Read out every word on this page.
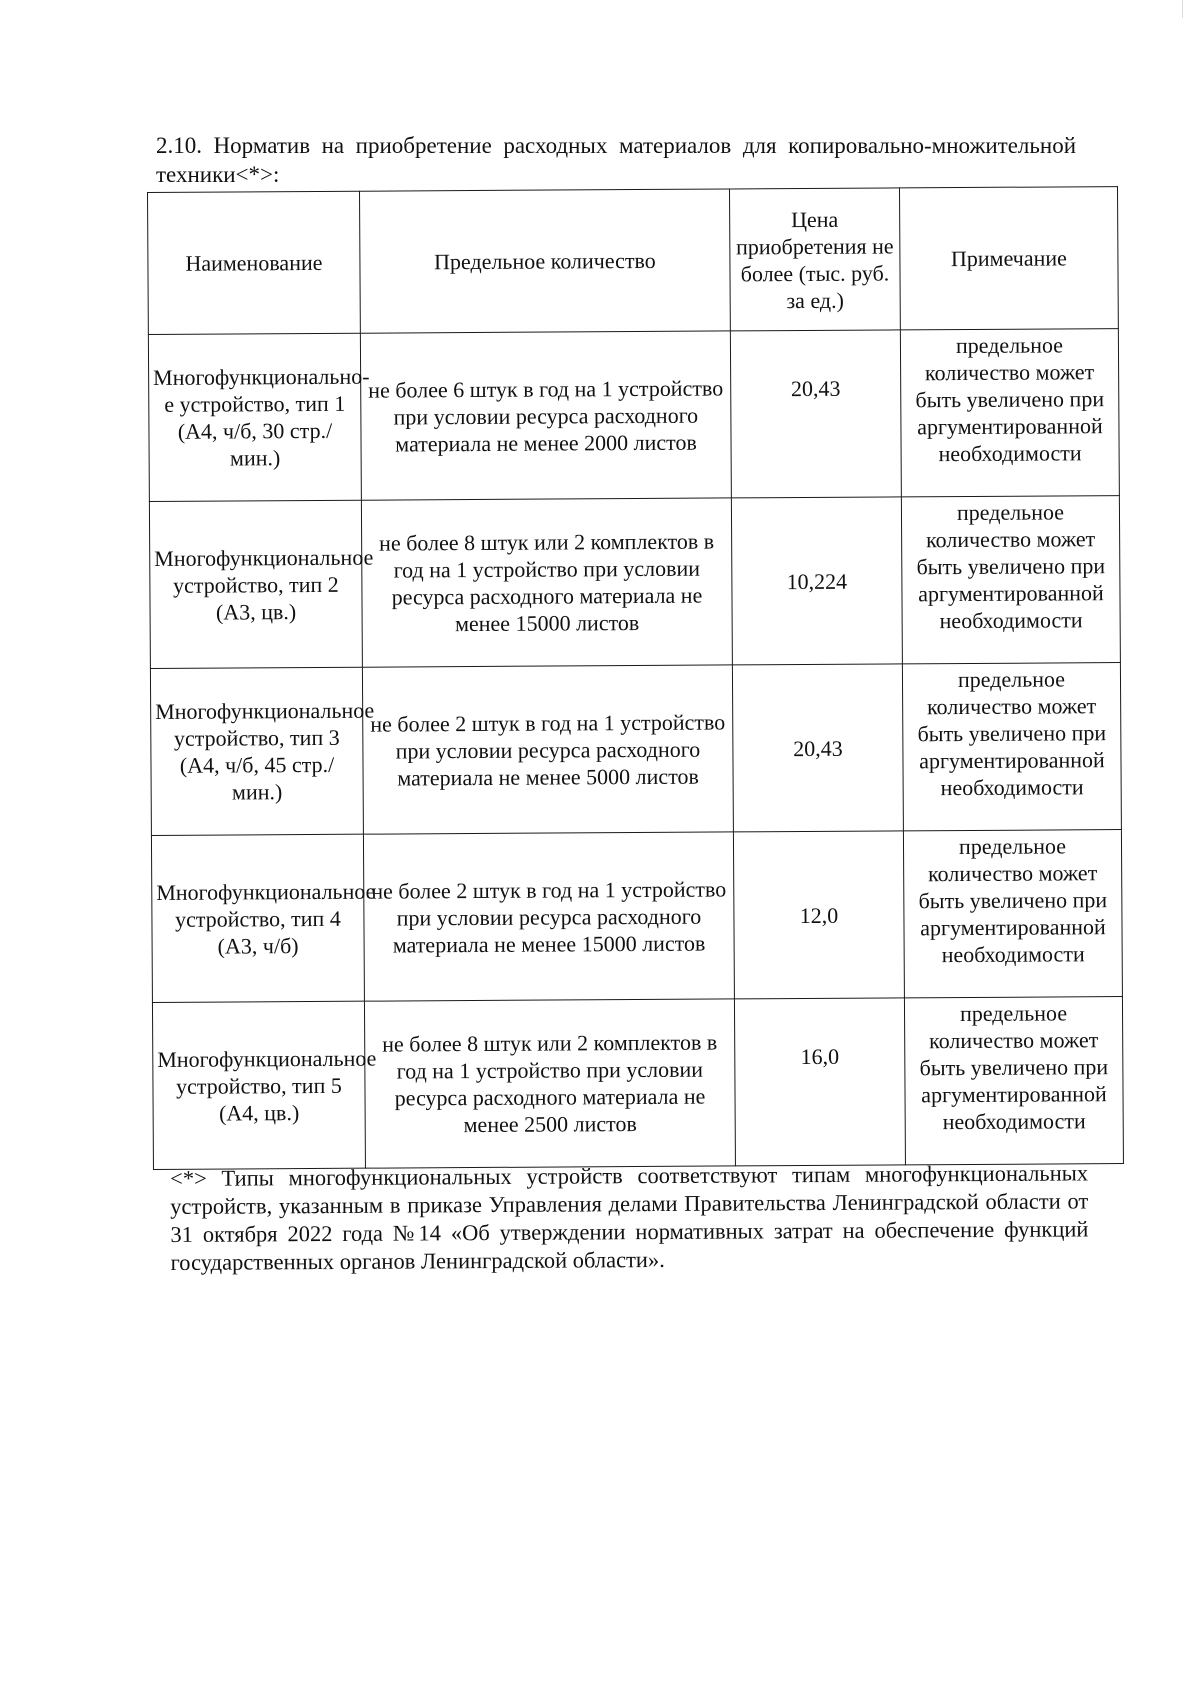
2.10. Норматив на приобретение расходных материалов для копировально-множительной техники<*>:

Наименование	Предельное количество	Цена приобретения не более (тыс. руб. за ед.)	Примечание
Многофункциональное устройство, тип 1 (А4, ч/б, 30 стр./мин.)	не более 6 штук в год на 1 устройство при условии ресурса расходного материала не менее 2000 листов	20,43	предельное количество может быть увеличено при аргументированной необходимости
Многофункциональное устройство, тип 2 (А3, цв.)	не более 8 штук или 2 комплектов в год на 1 устройство при условии ресурса расходного материала не менее 15000 листов	10,224	предельное количество может быть увеличено при аргументированной необходимости
Многофункциональное устройство, тип 3 (А4, ч/б, 45 стр./мин.)	не более 2 штук в год на 1 устройство при условии ресурса расходного материала не менее 5000 листов	20,43	предельное количество может быть увеличено при аргументированной необходимости
Многофункциональное устройство, тип 4 (А3, ч/б)	не более 2 штук в год на 1 устройство при условии ресурса расходного материала не менее 15000 листов	12,0	предельное количество может быть увеличено при аргументированной необходимости
Многофункциональное устройство, тип 5 (А4, цв.)	не более 8 штук или 2 комплектов в год на 1 устройство при условии ресурса расходного материала не менее 2500 листов	16,0	предельное количество может быть увеличено при аргументированной необходимости

<*> Типы многофункциональных устройств соответствуют типам многофункциональных устройств, указанным в приказе Управления делами Правительства Ленинградской области от 31 октября 2022 года №14 «Об утверждении нормативных затрат на обеспечение функций государственных органов Ленинградской области».
